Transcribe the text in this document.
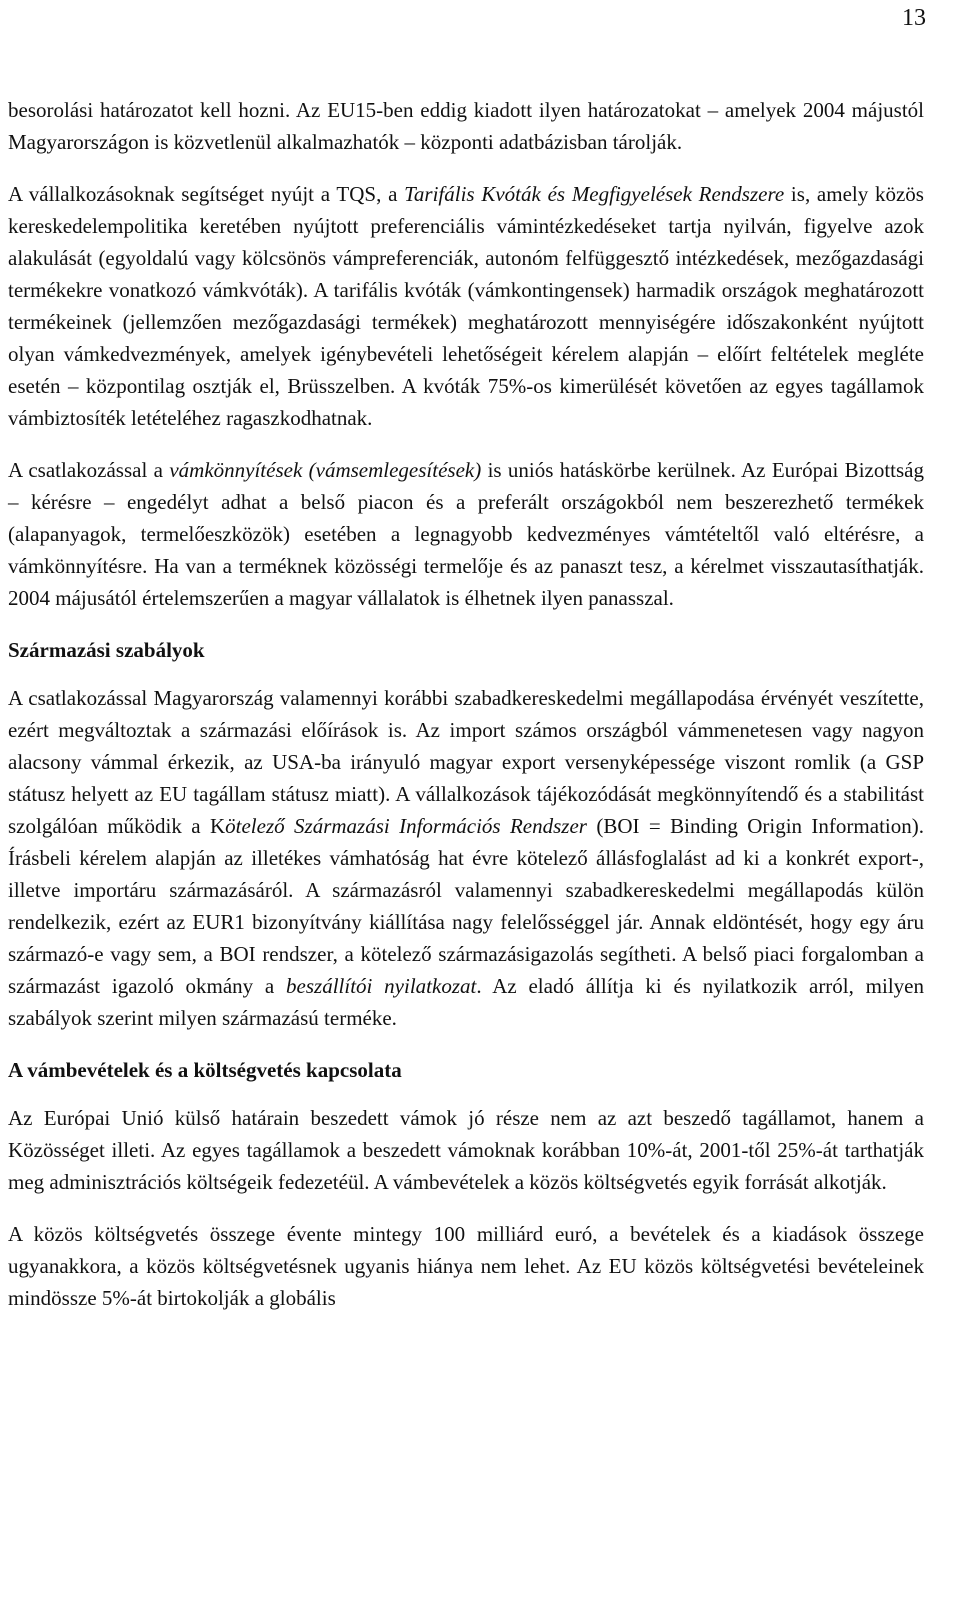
13

besorolási határozatot kell hozni. Az EU15-ben eddig kiadott ilyen határozatokat – amelyek 2004 májustól Magyarországon is közvetlenül alkalmazhatók – központi adatbázisban tárolják.

A vállalkozásoknak segítséget nyújt a TQS, a Tarifális Kvóták és Megfigyelések Rendszere is, amely közös kereskedelempolitika keretében nyújtott preferenciális vámintézkedéseket tartja nyilván, figyelve azok alakulását (egyoldalú vagy kölcsönös vámpreferenciák, autonóm felfüggesztő intézkedések, mezőgazdasági termékekre vonatkozó vámkvóták). A tarifális kvóták (vámkontingensek) harmadik országok meghatározott termékeinek (jellemzően mezőgazdasági termékek) meghatározott mennyiségére időszakonként nyújtott olyan vámkedvezmények, amelyek igénybevételi lehetőségeit kérelem alapján – előírt feltételek megléte esetén – központilag osztják el, Brüsszelben. A kvóták 75%-os kimerülését követően az egyes tagállamok vámbiztosíték letételéhez ragaszkodhatnak.

A csatlakozással a vámkönnyítések (vámsemlegesítések) is uniós hatáskörbe kerülnek. Az Európai Bizottság – kérésre – engedélyt adhat a belső piacon és a preferált országokból nem beszerezhető termékek (alapanyagok, termelőeszközök) esetében a legnagyobb kedvezményes vámtételtől való eltérésre, a vámkönnyítésre. Ha van a terméknek közösségi termelője és az panaszt tesz, a kérelmet visszautasíthatják. 2004 májusától értelemszerűen a magyar vállalatok is élhetnek ilyen panasszal.

Származási szabályok

A csatlakozással Magyarország valamennyi korábbi szabadkereskedelmi megállapodása érvényét veszítette, ezért megváltoztak a származási előírások is. Az import számos országból vámmenetesen vagy nagyon alacsony vámmal érkezik, az USA-ba irányuló magyar export versenyképessége viszont romlik (a GSP státusz helyett az EU tagállam státusz miatt). A vállalkozások tájékozódását megkönnyítendő és a stabilitást szolgálóan működik a Kötelező Származási Információs Rendszer (BOI = Binding Origin Information). Írásbeli kérelem alapján az illetékes vámhatóság hat évre kötelező állásfoglalást ad ki a konkrét export-, illetve importáru származásáról. A származásról valamennyi szabadkereskedelmi megállapodás külön rendelkezik, ezért az EUR1 bizonyítvány kiállítása nagy felelősséggel jár. Annak eldöntését, hogy egy áru származó-e vagy sem, a BOI rendszer, a kötelező származásigazolás segítheti. A belső piaci forgalomban a származást igazoló okmány a beszállítói nyilatkozat. Az eladó állítja ki és nyilatkozik arról, milyen szabályok szerint milyen származású terméke.

A vámbevételek és a költségvetés kapcsolata

Az Európai Unió külső határain beszedett vámok jó része nem az azt beszedő tagállamot, hanem a Közösséget illeti. Az egyes tagállamok a beszedett vámoknak korábban 10%-át, 2001-től 25%-át tarthatják meg adminisztrációs költségeik fedezetéül. A vámbevételek a közös költségvetés egyik forrását alkotják.

A közös költségvetés összege évente mintegy 100 milliárd euró, a bevételek és a kiadások összege ugyanakkora, a közös költségvetésnek ugyanis hiánya nem lehet. Az EU közös költségvetési bevételeinek mindössze 5%-át birtokolják a globális
